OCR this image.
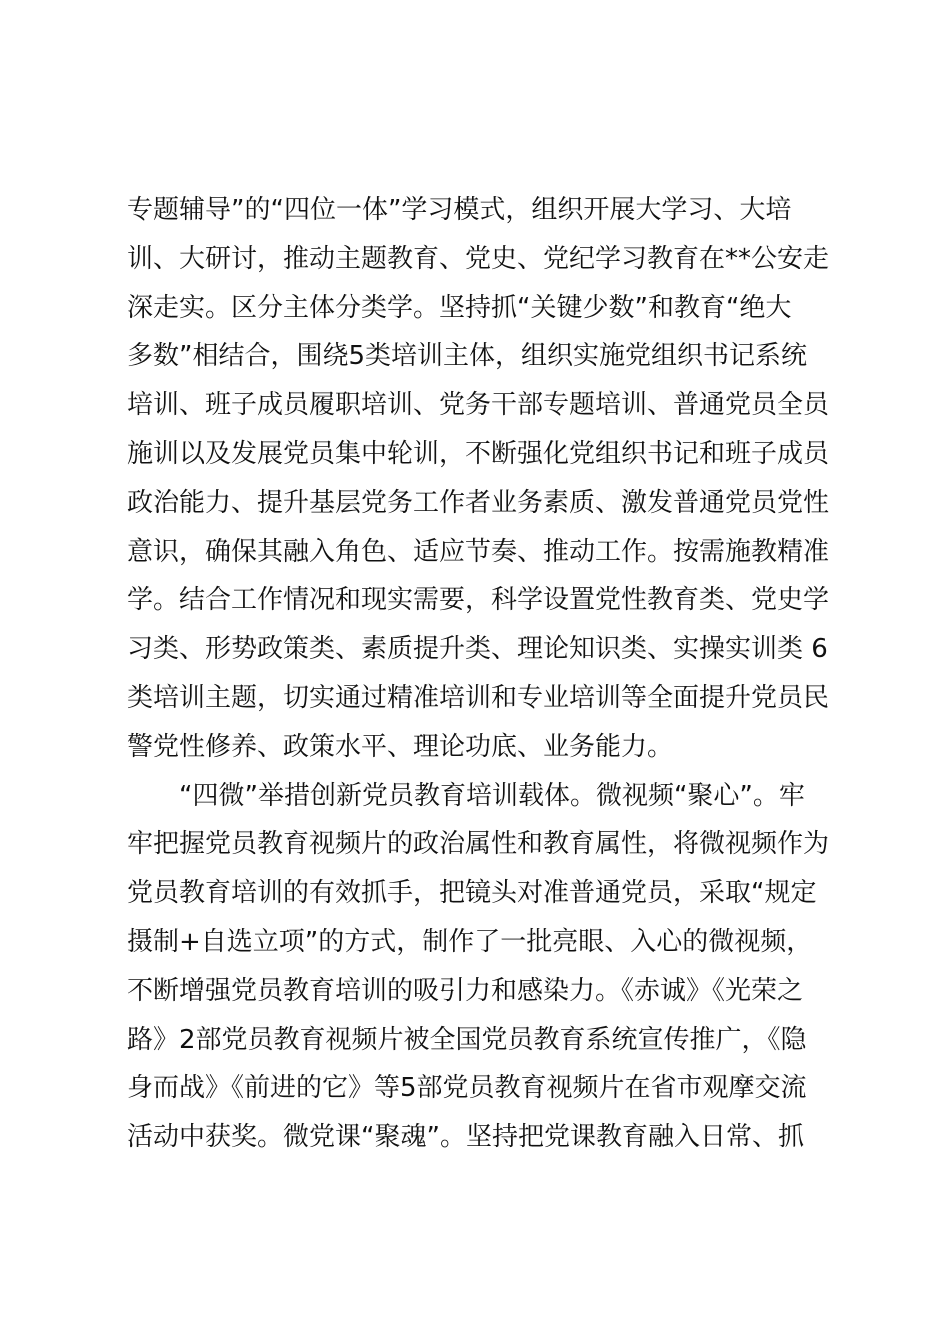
专题辅导”的“四位一体”学习模式，组织开展大学习、大培
训、大研讨，推动主题教育、党史、党纪学习教育在**公安走
深走实。区分主体分类学。坚持抓“关键少数”和教育“绝大
多数”相结合，围绕5类培训主体，组织实施党组织书记系统
培训、班子成员履职培训、党务干部专题培训、普通党员全员
施训以及发展党员集中轮训，不断强化党组织书记和班子成员
政治能力、提升基层党务工作者业务素质、激发普通党员党性
意识，确保其融入角色、适应节奏、推动工作。按需施教精准
学。结合工作情况和现实需要，科学设置党性教育类、党史学
习类、形势政策类、素质提升类、理论知识类、实操实训类 6
类培训主题，切实通过精准培训和专业培训等全面提升党员民
警党性修养、政策水平、理论功底、业务能力。
“四微”举措创新党员教育培训载体。微视频“聚心”。牢
牢把握党员教育视频片的政治属性和教育属性，将微视频作为
党员教育培训的有效抓手，把镜头对准普通党员，采取“规定
摄制+自选立项”的方式，制作了一批亮眼、入心的微视频，
不断增强党员教育培训的吸引力和感染力。《赤诚》《光荣之
路》2部党员教育视频片被全国党员教育系统宣传推广，《隐
身而战》《前进的它》等5部党员教育视频片在省市观摩交流
活动中获奖。微党课“聚魂”。坚持把党课教育融入日常、抓
